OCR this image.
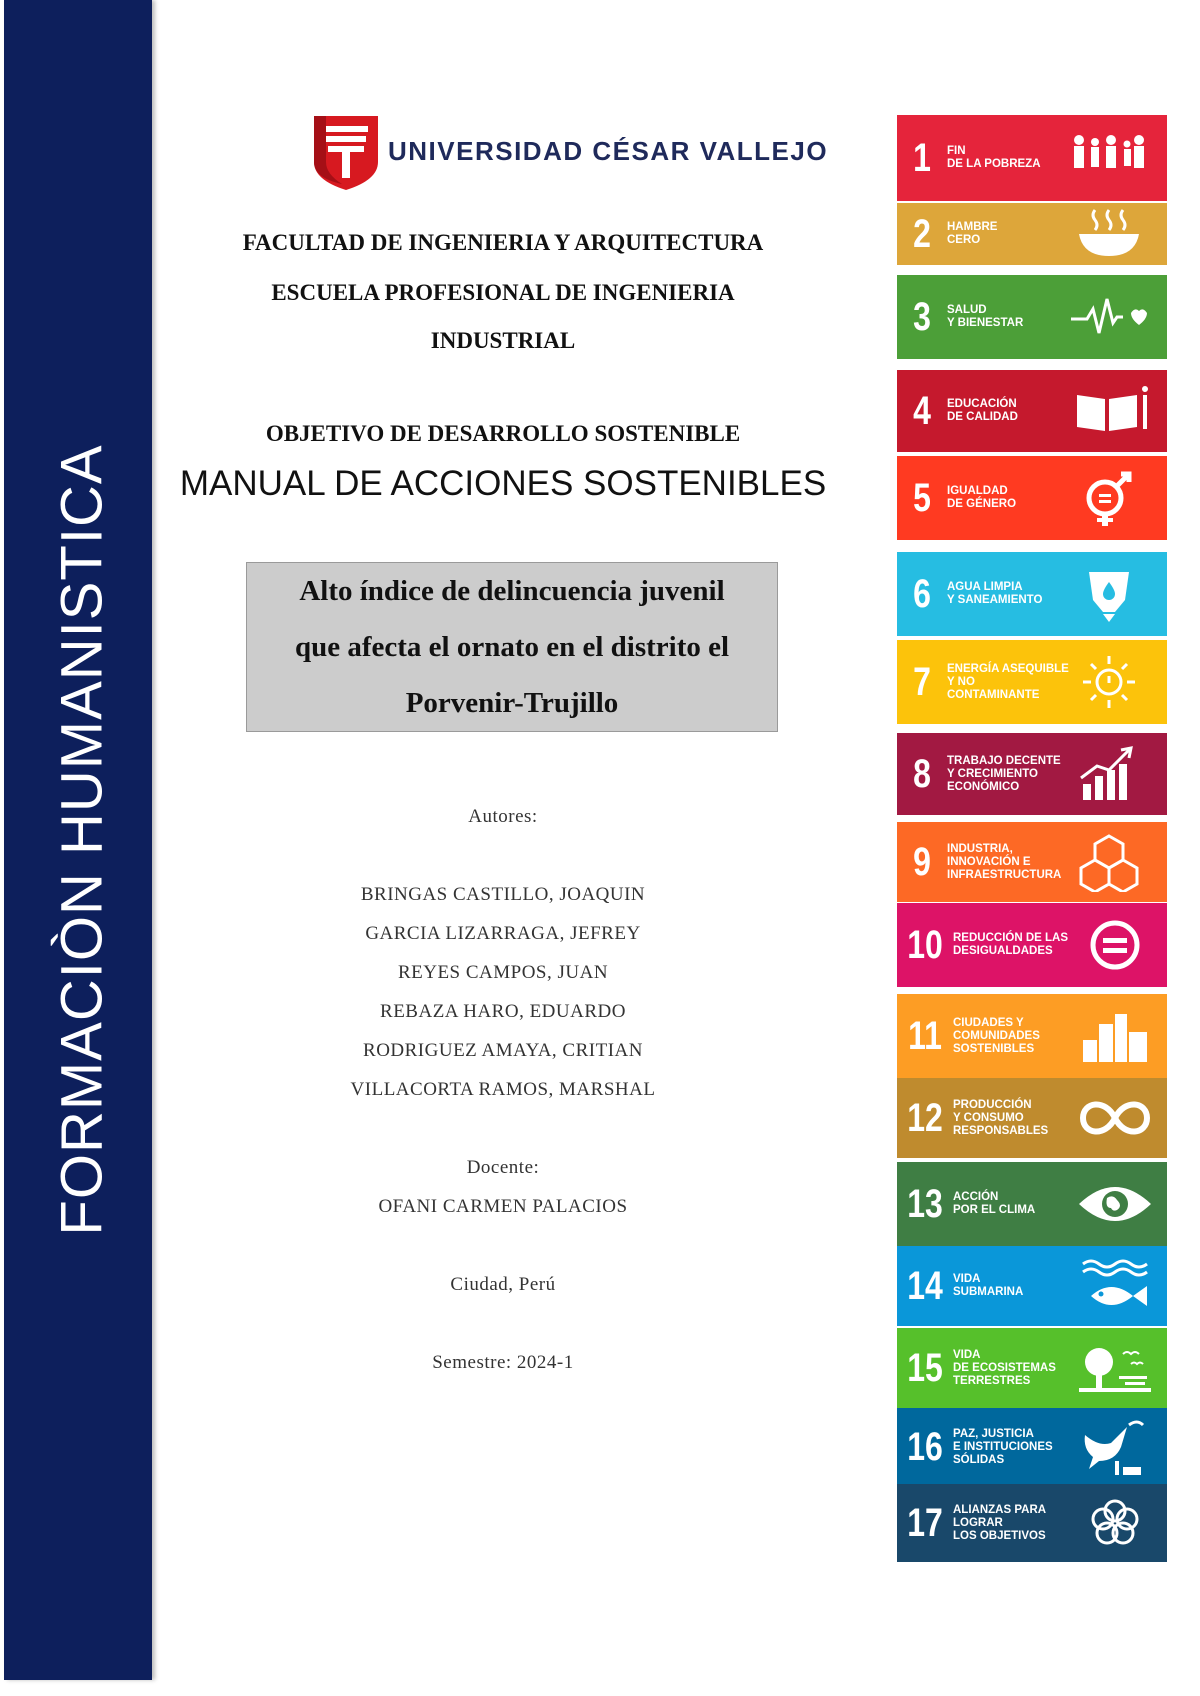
FORMACIÒN HUMANISTICA
UNIVERSIDAD CÉSAR VALLEJO
FACULTAD DE INGENIERIA Y ARQUITECTURA
ESCUELA PROFESIONAL DE INGENIERIA
INDUSTRIAL
OBJETIVO DE DESARROLLO SOSTENIBLE
MANUAL DE ACCIONES SOSTENIBLES
Alto índice de delincuencia juvenil
que afecta el ornato en el distrito el
Porvenir-Trujillo
Autores:
BRINGAS CASTILLO, JOAQUIN
GARCIA LIZARRAGA, JEFREY
REYES CAMPOS, JUAN
REBAZA HARO, EDUARDO
RODRIGUEZ AMAYA, CRITIAN
VILLACORTA RAMOS, MARSHAL
Docente:
OFANI CARMEN PALACIOS
Ciudad, Perú
Semestre: 2024-1
1	FIN
DE LA POBREZA
2	HAMBRE
CERO
3	SALUD
Y BIENESTAR
4	EDUCACIÓN
DE CALIDAD
5	IGUALDAD
DE GÉNERO
6	AGUA LIMPIA
Y SANEAMIENTO
7	ENERGÍA ASEQUIBLE
Y NO CONTAMINANTE
8	TRABAJO DECENTE
Y CRECIMIENTO
ECONÓMICO
9	INDUSTRIA,
INNOVACIÓN E
INFRAESTRUCTURA
10 REDUCCIÓN DE LAS
DESIGUALDADES
11 CIUDADES Y
COMUNIDADES
SOSTENIBLES
12 PRODUCCIÓN
Y CONSUMO
RESPONSABLES
13 ACCIÓN
POR EL CLIMA
14 VIDA
SUBMARINA
15 VIDA
DE ECOSISTEMAS
TERRESTRES
16 PAZ, JUSTICIA
E INSTITUCIONES
SÓLIDAS
17 ALIANZAS PARA
LOGRAR
LOS OBJETIVOS
